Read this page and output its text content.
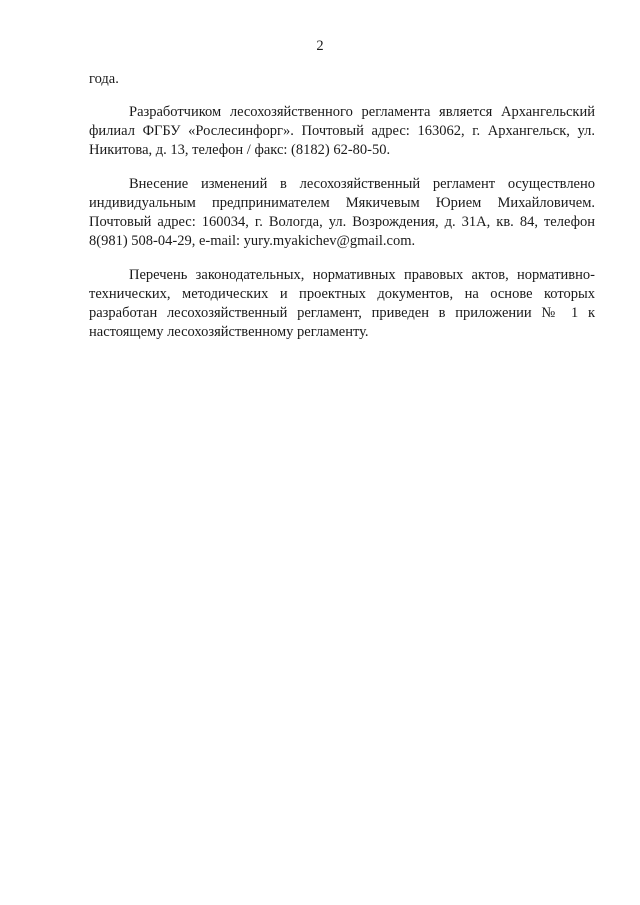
2

года.

Разработчиком лесохозяйственного регламента является Архангельский филиал ФГБУ «Рослесинфорг». Почтовый адрес: 163062, г. Архангельск, ул. Никитова, д. 13, телефон / факс: (8182) 62-80-50.

Внесение изменений в лесохозяйственный регламент осуществлено индивидуальным предпринимателем Мякичевым Юрием Михайловичем. Почтовый адрес: 160034, г. Вологда, ул. Возрождения, д. 31А, кв. 84, телефон 8(981) 508-04-29, e-mail: yury.myakichev@gmail.com.

Перечень законодательных, нормативных правовых актов, нормативно-технических, методических и проектных документов, на основе которых разработан лесохозяйственный регламент, приведен в приложении № 1 к настоящему лесохозяйственному регламенту.
